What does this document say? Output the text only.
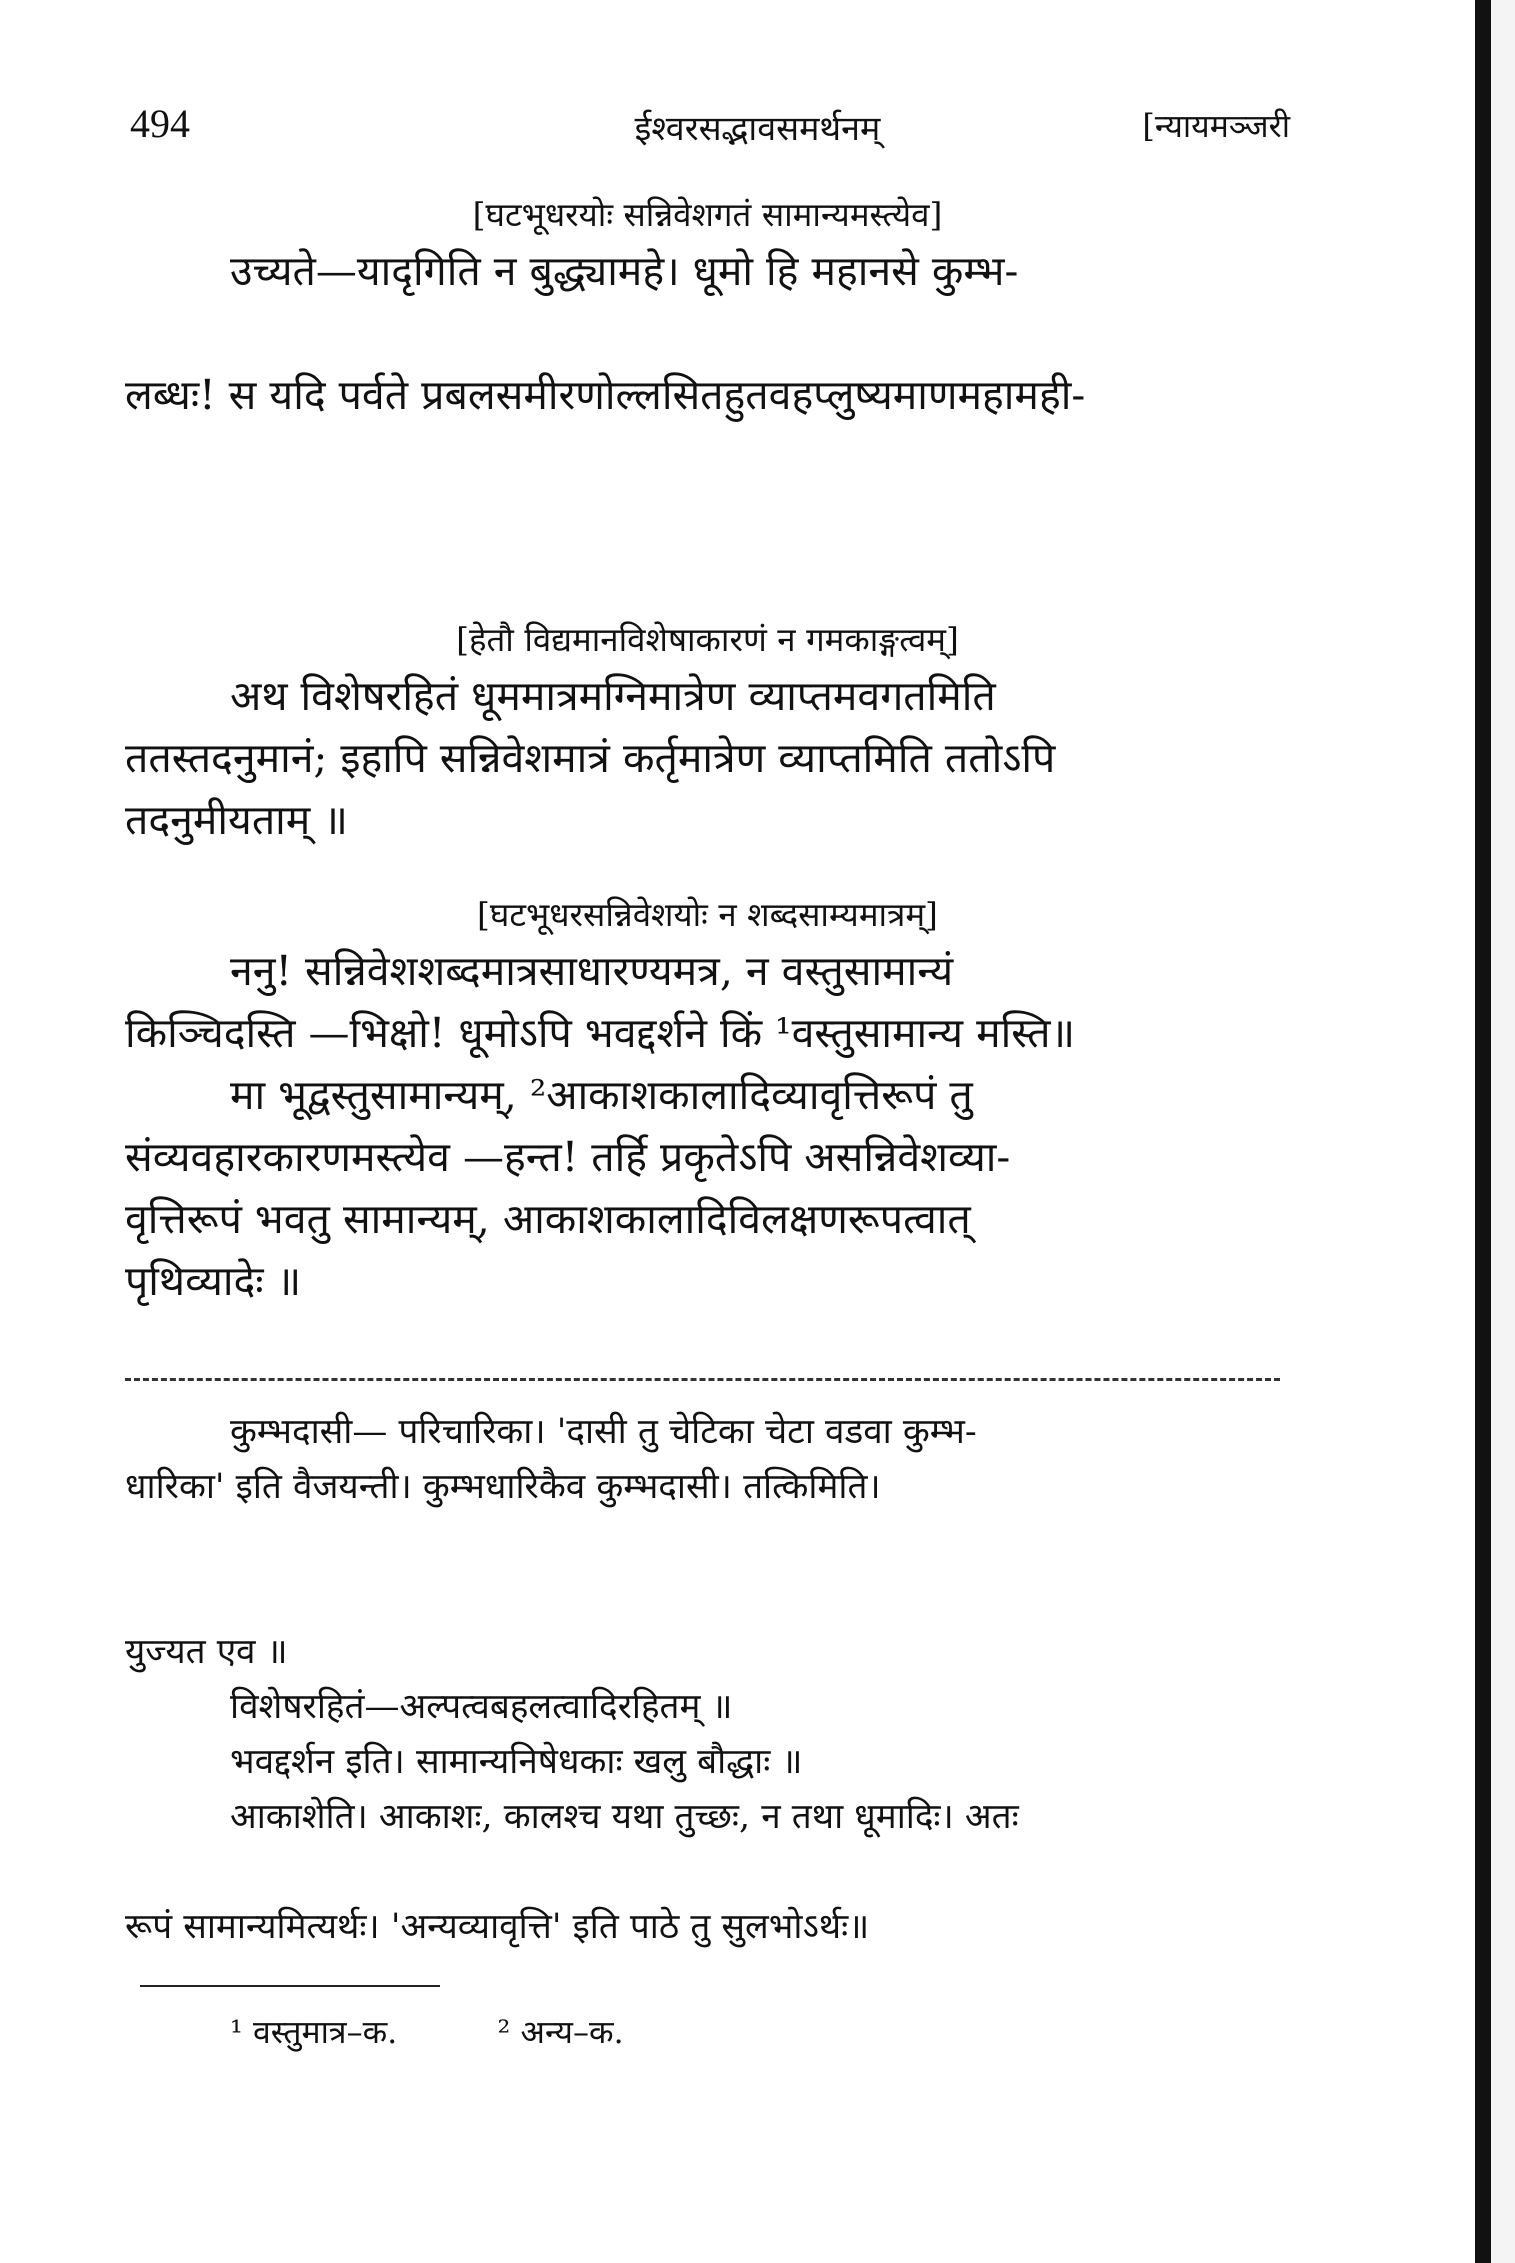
494	ईश्वरसद्भावसमर्थनम्	[न्यायमञ्जरी
[घटभूधरयोः सन्निवेशगतं सामान्यमस्त्येव]
उच्यते—यादृगिति न बुद्ध्यामहे। धूमो हि महानसे कुम्भ-
लब्धः! स यदि पर्वते प्रबलसमीरणोल्लसितहुतवहप्लुष्यमाणमहामही-
[हेतौ विद्यमानविशेषाकारणं न गमकाङ्गत्वम्]
अथ विशेषरहितं धूममात्रमग्निमात्रेण व्याप्तमवगतमिति
ततस्तदनुमानं; इहापि सन्निवेशमात्रं कर्तृमात्रेण व्याप्तमिति ततोऽपि
तदनुमीयताम् ॥
[घटभूधरसन्निवेशयोः न शब्दसाम्यमात्रम्]
ननु! सन्निवेशशब्दमात्रसाधारण्यमत्र, न वस्तुसामान्यं
किञ्चिदस्ति —भिक्षो! धूमोऽपि भवद्दर्शने किं ¹वस्तुसामान्य मस्ति॥
मा भूद्वस्तुसामान्यम्, ²आकाशकालादिव्यावृत्तिरूपं तु
संव्यवहारकारणमस्त्येव —हन्त! तर्हि प्रकृतेऽपि असन्निवेशव्या-
वृत्तिरूपं भवतु सामान्यम्, आकाशकालादिविलक्षणरूपत्वात्
पृथिव्यादेः ॥
कुम्भदासी— परिचारिका। 'दासी तु चेटिका चेटा वडवा कुम्भ-
धारिका' इति वैजयन्ती। कुम्भधारिकैव कुम्भदासी। तत्किमिति।
युज्यत एव ॥
विशेषरहितं—अल्पत्वबहलत्वादिरहितम् ॥
भवद्दर्शन इति। सामान्यनिषेधकाः खलु बौद्धाः ॥
आकाशेति। आकाशः, कालश्च यथा तुच्छः, न तथा धूमादिः। अतः
रूपं सामान्यमित्यर्थः। 'अन्यव्यावृत्ति' इति पाठे तु सुलभोऽर्थः॥
¹ वस्तुमात्र–क.	² अन्य–क.
